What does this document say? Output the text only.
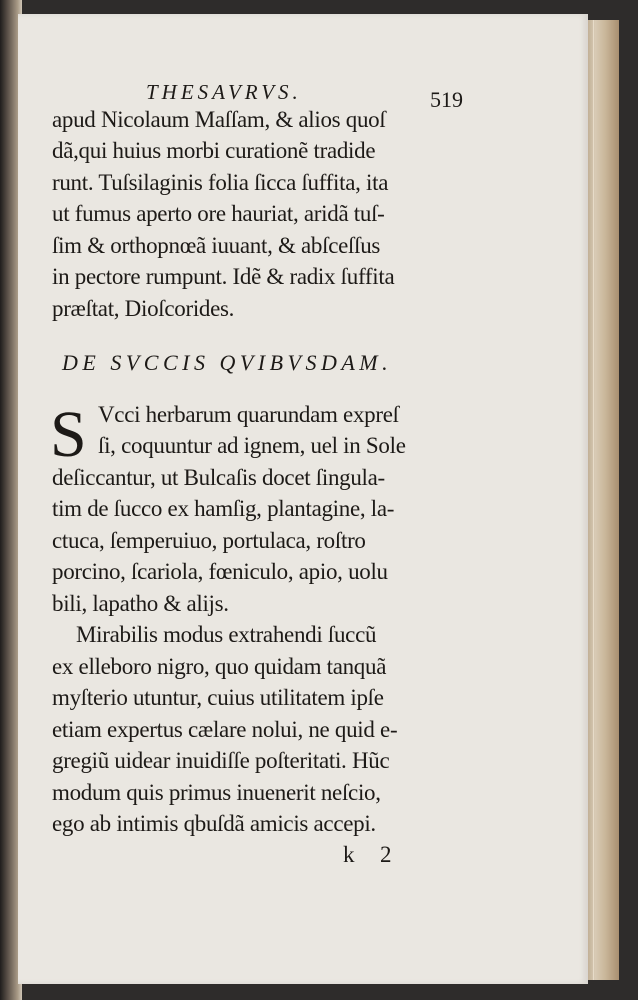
THESAVRVS.	519
apud Nicolaum Maſſam, & alios quoſ
dã,qui huius morbi curationẽ tradide
runt. Tuſsilaginis folia ſicca ſuffita, ita
ut fumus aperto ore hauriat, aridã tuſ-
ſim & orthopnœã iuuant, & abſceſſus
in pectore rumpunt. Idẽ & radix ſuffita
præſtat, Dioſcorides.
DE SVCCIS QVIBVSDAM.
S Vcci herbarum quarundam expreſ
ſi, coquuntur ad ignem, uel in Sole
deſiccantur, ut Bulcaſis docet ſingula-
tim de ſucco ex hamſig, plantagine, la-
ctuca, ſemperuiuo, portulaca, roſtro
porcino, ſcariola, fœniculo, apio, uolu
bili, lapatho & alijs.
Mirabilis modus extrahendi ſuccũ
ex elleboro nigro, quo quidam tanquã
myſterio utuntur, cuius utilitatem ipſe
etiam expertus cælare nolui, ne quid e-
gregiũ uidear inuidiſſe poſteritati. Hũc
modum quis primus inuenerit neſcio,
ego ab intimis qbuſdã amicis accepi.
k 2
